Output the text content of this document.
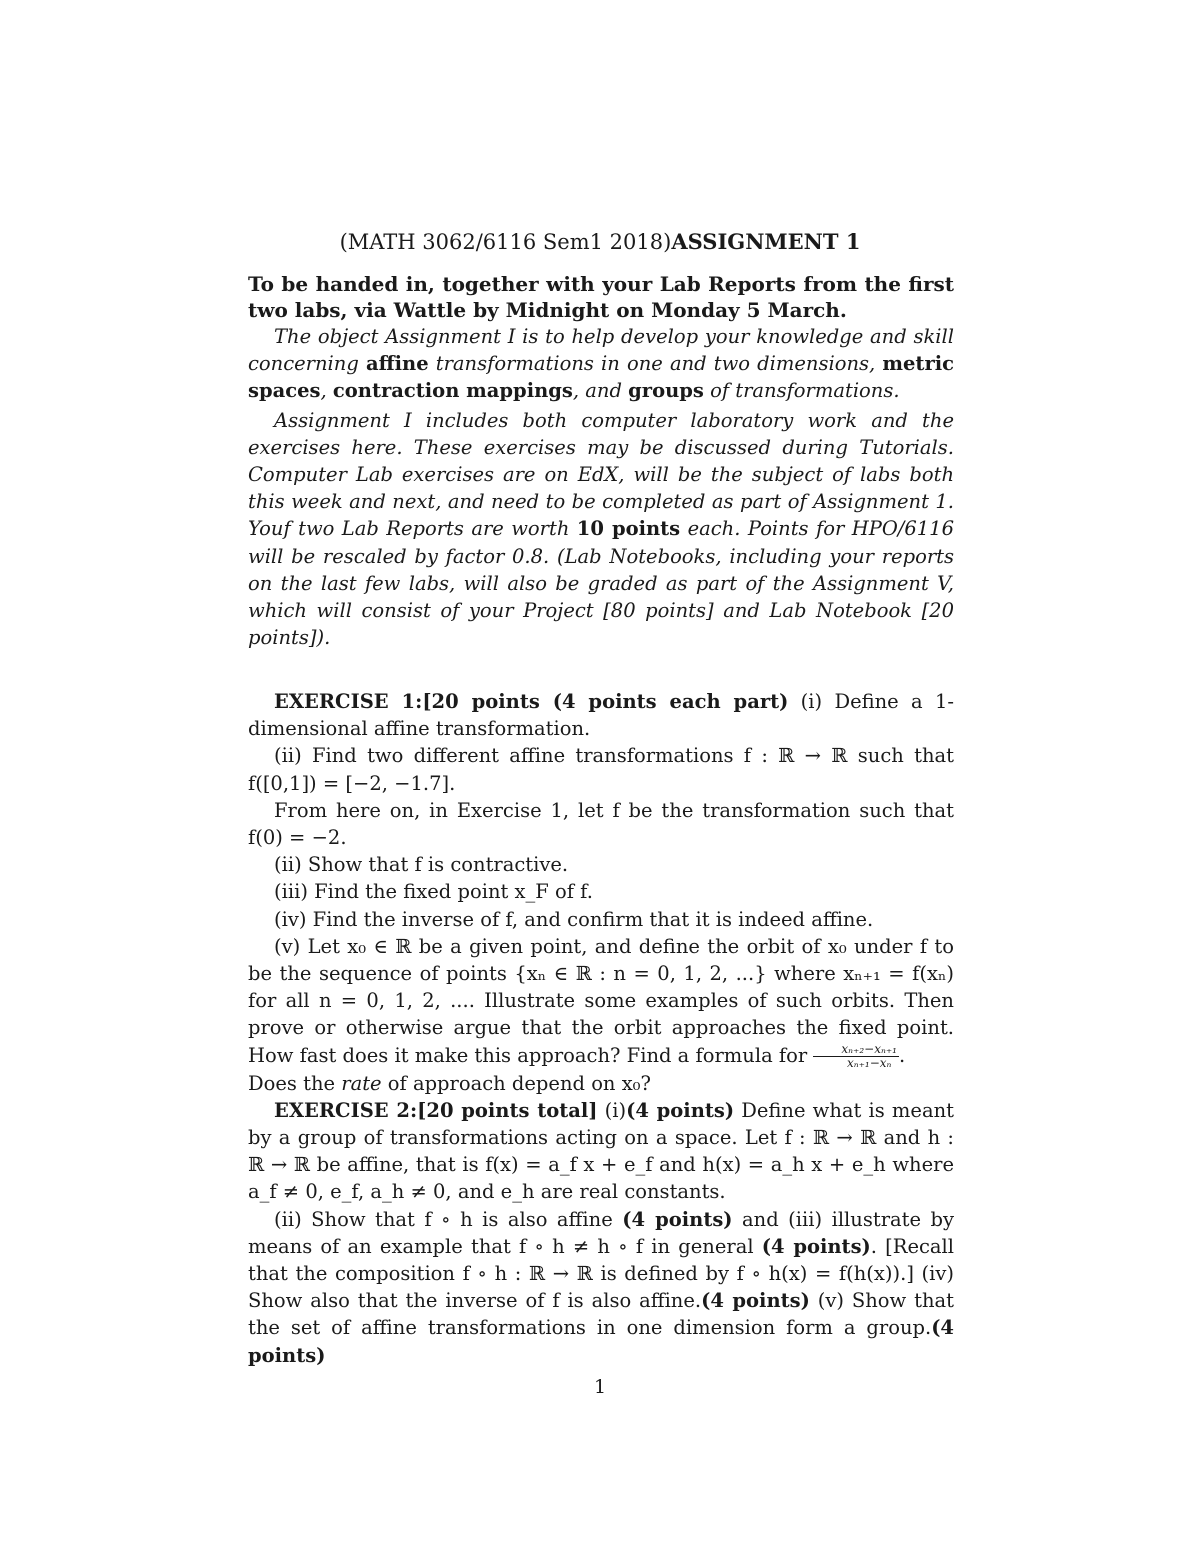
(MATH 3062/6116 Sem1 2018)ASSIGNMENT 1

To be handed in, together with your Lab Reports from the first two labs, via Wattle by Midnight on Monday 5 March.

The object Assignment I is to help develop your knowledge and skill concerning affine transformations in one and two dimensions, metric spaces, contraction mappings, and groups of transformations.

Assignment I includes both computer laboratory work and the exercises here. These exercises may be discussed during Tutorials. Computer Lab exercises are on EdX, will be the subject of labs both this week and next, and need to be completed as part of Assignment 1. Youf two Lab Reports are worth 10 points each. Points for HPO/6116 will be rescaled by factor 0.8. (Lab Notebooks, including your reports on the last few labs, will also be graded as part of the Assignment V, which will consist of your Project [80 points] and Lab Notebook [20 points]).

EXERCISE 1:[20 points (4 points each part) (i) Define a 1-dimensional affine transformation.

(ii) Find two different affine transformations f : ℝ → ℝ such that f([0,1]) = [−2, −1.7].

From here on, in Exercise 1, let f be the transformation such that f(0) = −2.

(ii) Show that f is contractive.

(iii) Find the fixed point x_F of f.

(iv) Find the inverse of f, and confirm that it is indeed affine.

(v) Let x₀ ∈ ℝ be a given point, and define the orbit of x₀ under f to be the sequence of points {xₙ ∈ ℝ : n = 0, 1, 2, ...} where xₙ₊₁ = f(xₙ) for all n = 0, 1, 2, .... Illustrate some examples of such orbits. Then prove or otherwise argue that the orbit approaches the fixed point. How fast does it make this approach? Find a formula for $\frac{\text{xₙ₊₂−xₙ₊₁}}{\text{xₙ₊₁−xₙ}}$ .

Does the rate of approach depend on x₀?

EXERCISE 2:[20 points total] (i)(4 points) Define what is meant by a group of transformations acting on a space. Let f : ℝ → ℝ and h : ℝ → ℝ be affine, that is f(x) = a_f x + e_f and h(x) = a_h x + e_h where a_f ≠ 0, e_f, a_h ≠ 0, and e_h are real constants.

(ii) Show that f ∘ h is also affine (4 points) and (iii) illustrate by means of an example that f ∘ h ≠ h ∘ f in general (4 points). [Recall that the composition f ∘ h : ℝ → ℝ is defined by f ∘ h(x) = f(h(x)).] (iv) Show also that the inverse of f is also affine.(4 points) (v) Show that the set of affine transformations in one dimension form a group.(4 points)

1
